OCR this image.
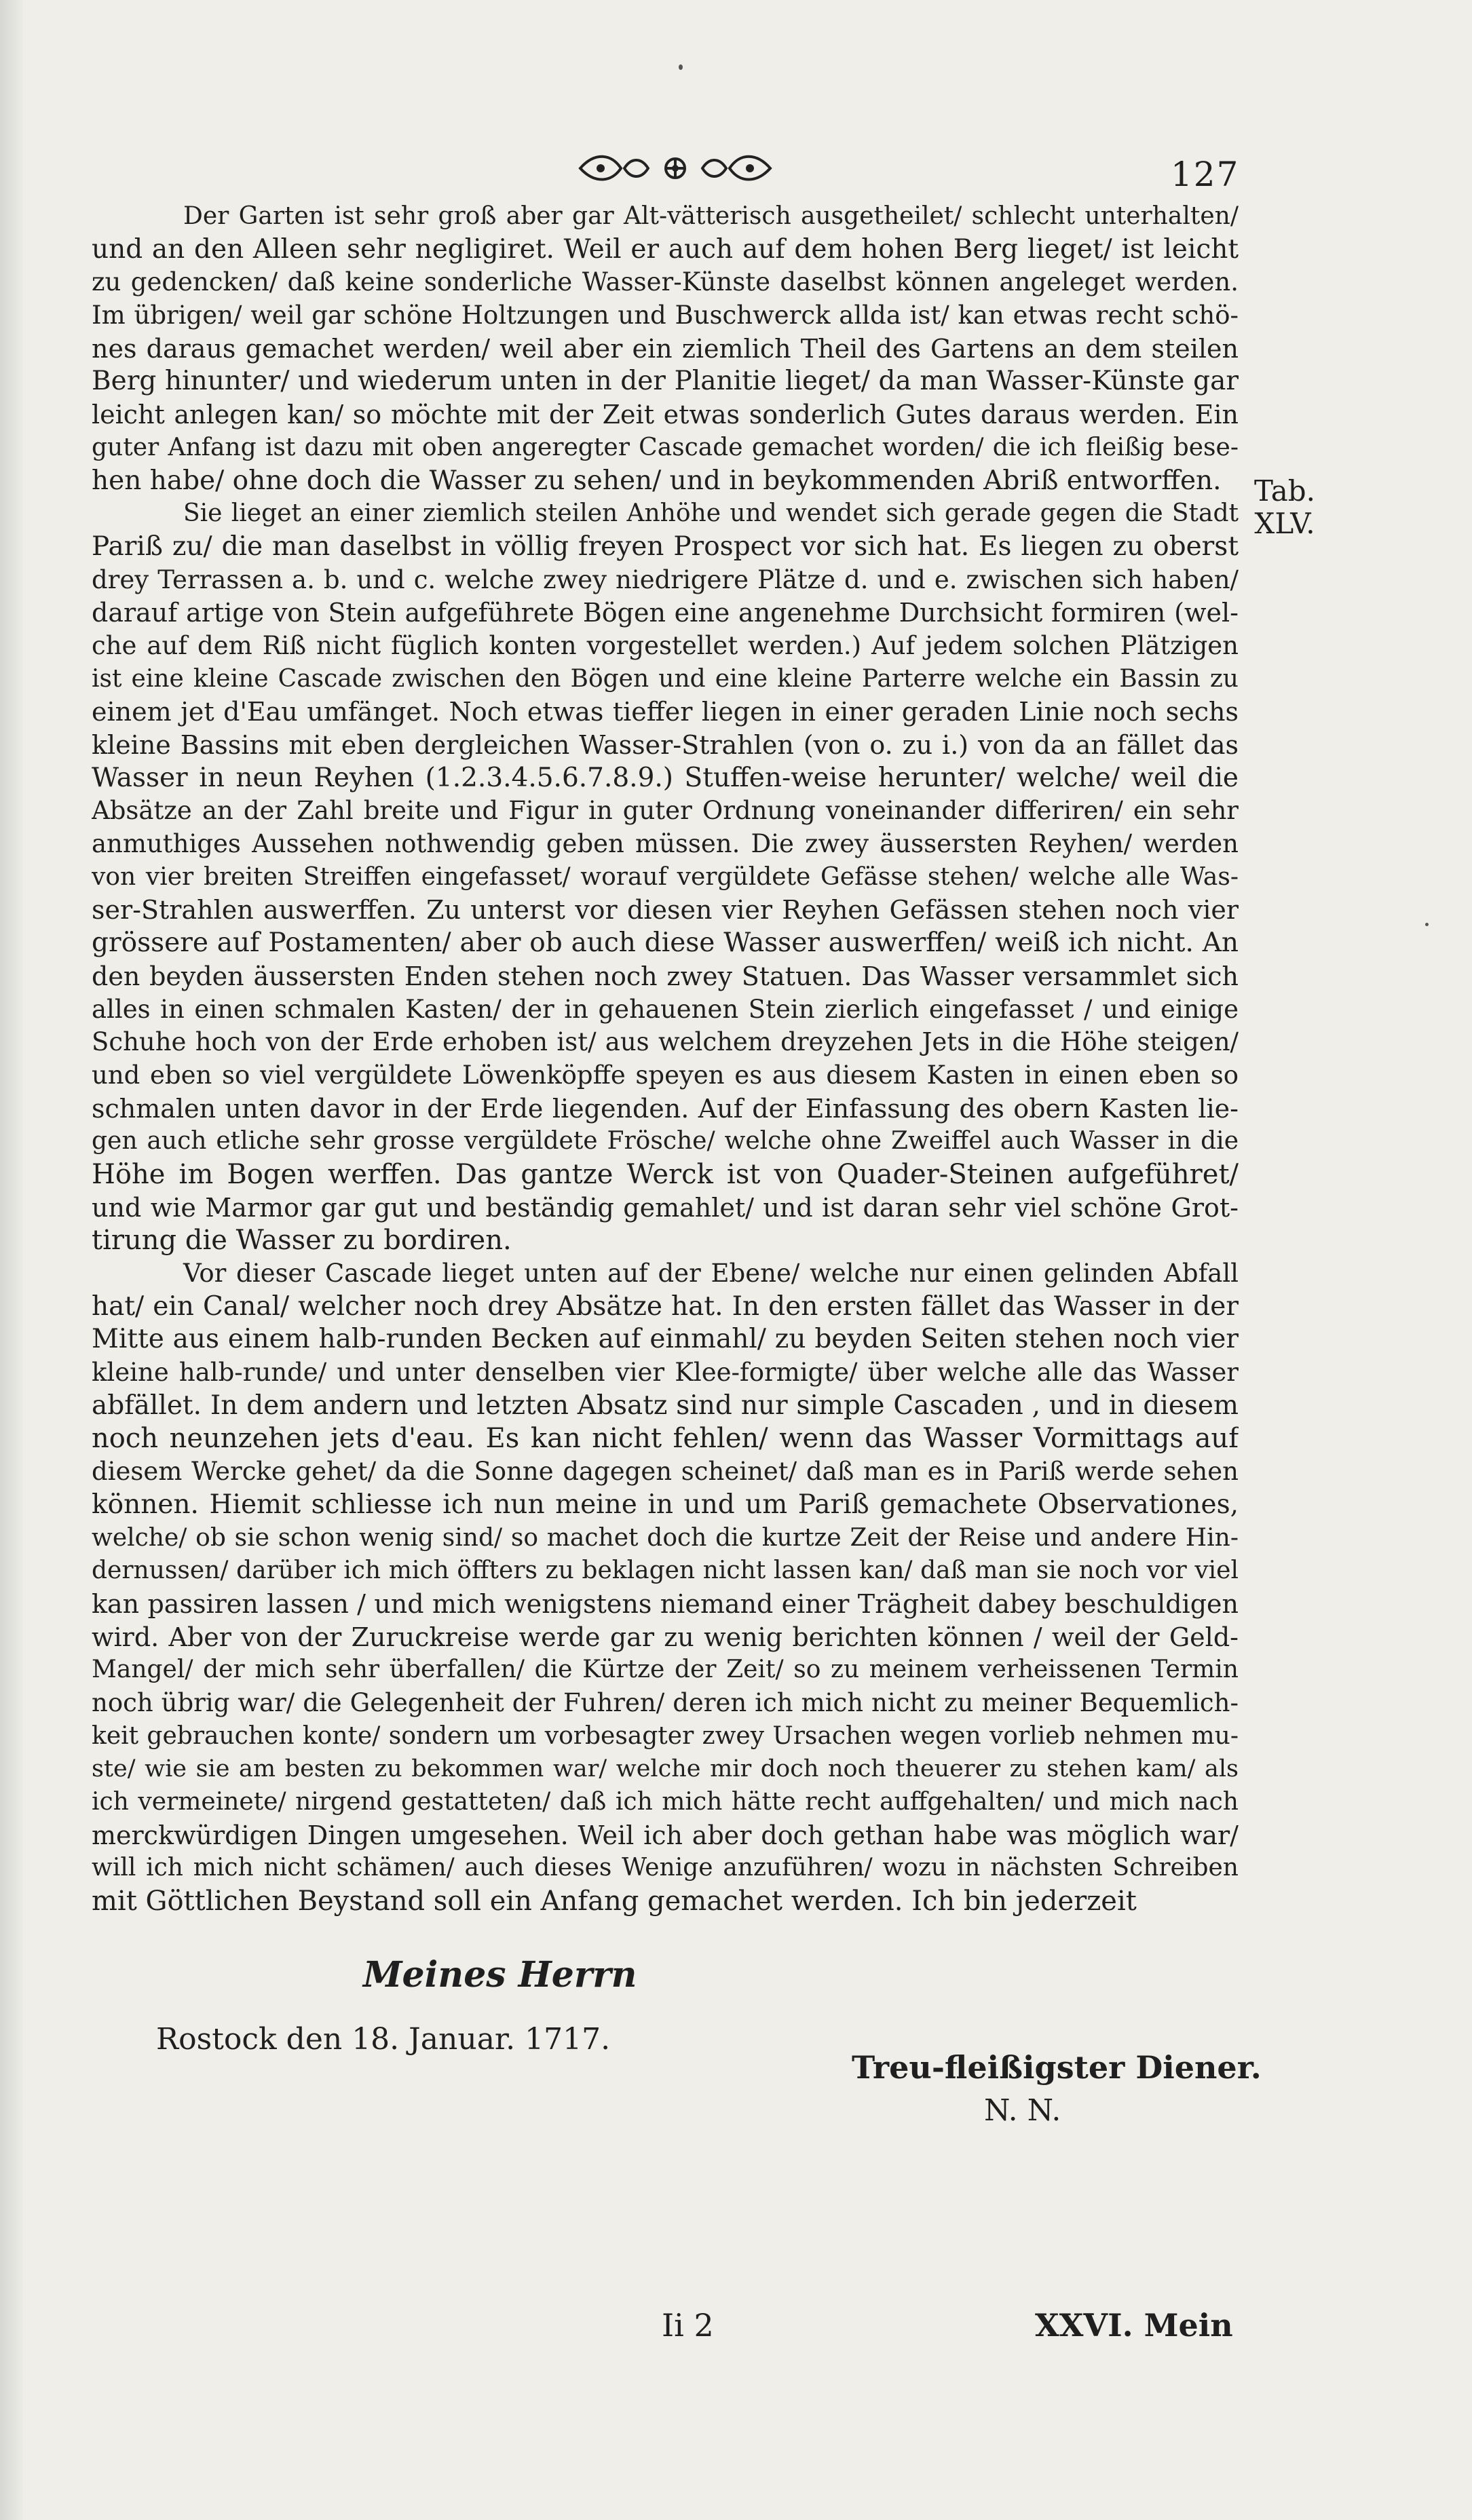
127
Tab.
XLV.
Der Garten ist sehr groß aber gar Alt-vätterisch ausgetheilet/ schlecht unterhalten/
und an den Alleen sehr negligiret. Weil er auch auf dem hohen Berg lieget/ ist leicht
zu gedencken/ daß keine sonderliche Wasser-Künste daselbst können angeleget werden.
Im übrigen/ weil gar schöne Holtzungen und Buschwerck allda ist/ kan etwas recht schö-
nes daraus gemachet werden/ weil aber ein ziemlich Theil des Gartens an dem steilen
Berg hinunter/ und wiederum unten in der Planitie lieget/ da man Wasser-Künste gar
leicht anlegen kan/ so möchte mit der Zeit etwas sonderlich Gutes daraus werden. Ein
guter Anfang ist dazu mit oben angeregter Cascade gemachet worden/ die ich fleißig bese-
hen habe/ ohne doch die Wasser zu sehen/ und in beykommenden Abriß entworffen.
Sie lieget an einer ziemlich steilen Anhöhe und wendet sich gerade gegen die Stadt
Pariß zu/ die man daselbst in völlig freyen Prospect vor sich hat. Es liegen zu oberst
drey Terrassen a. b. und c. welche zwey niedrigere Plätze d. und e. zwischen sich haben/
darauf artige von Stein aufgeführete Bögen eine angenehme Durchsicht formiren (wel-
che auf dem Riß nicht füglich konten vorgestellet werden.) Auf jedem solchen Plätzigen
ist eine kleine Cascade zwischen den Bögen und eine kleine Parterre welche ein Bassin zu
einem jet d'Eau umfänget. Noch etwas tieffer liegen in einer geraden Linie noch sechs
kleine Bassins mit eben dergleichen Wasser-Strahlen (von o. zu i.) von da an fället das
Wasser in neun Reyhen (1.2.3.4.5.6.7.8.9.) Stuffen-weise herunter/ welche/ weil die
Absätze an der Zahl breite und Figur in guter Ordnung voneinander differiren/ ein sehr
anmuthiges Aussehen nothwendig geben müssen. Die zwey äussersten Reyhen/ werden
von vier breiten Streiffen eingefasset/ worauf vergüldete Gefässe stehen/ welche alle Was-
ser-Strahlen auswerffen. Zu unterst vor diesen vier Reyhen Gefässen stehen noch vier
grössere auf Postamenten/ aber ob auch diese Wasser auswerffen/ weiß ich nicht. An
den beyden äussersten Enden stehen noch zwey Statuen. Das Wasser versammlet sich
alles in einen schmalen Kasten/ der in gehauenen Stein zierlich eingefasset / und einige
Schuhe hoch von der Erde erhoben ist/ aus welchem dreyzehen Jets in die Höhe steigen/
und eben so viel vergüldete Löwenköpffe speyen es aus diesem Kasten in einen eben so
schmalen unten davor in der Erde liegenden. Auf der Einfassung des obern Kasten lie-
gen auch etliche sehr grosse vergüldete Frösche/ welche ohne Zweiffel auch Wasser in die
Höhe im Bogen werffen. Das gantze Werck ist von Quader-Steinen aufgeführet/
und wie Marmor gar gut und beständig gemahlet/ und ist daran sehr viel schöne Grot-
tirung die Wasser zu bordiren.
Vor dieser Cascade lieget unten auf der Ebene/ welche nur einen gelinden Abfall
hat/ ein Canal/ welcher noch drey Absätze hat. In den ersten fället das Wasser in der
Mitte aus einem halb-runden Becken auf einmahl/ zu beyden Seiten stehen noch vier
kleine halb-runde/ und unter denselben vier Klee-formigte/ über welche alle das Wasser
abfället. In dem andern und letzten Absatz sind nur simple Cascaden , und in diesem
noch neunzehen jets d'eau. Es kan nicht fehlen/ wenn das Wasser Vormittags auf
diesem Wercke gehet/ da die Sonne dagegen scheinet/ daß man es in Pariß werde sehen
können. Hiemit schliesse ich nun meine in und um Pariß gemachete Observationes,
welche/ ob sie schon wenig sind/ so machet doch die kurtze Zeit der Reise und andere Hin-
dernussen/ darüber ich mich öffters zu beklagen nicht lassen kan/ daß man sie noch vor viel
kan passiren lassen / und mich wenigstens niemand einer Trägheit dabey beschuldigen
wird. Aber von der Zuruckreise werde gar zu wenig berichten können / weil der Geld-
Mangel/ der mich sehr überfallen/ die Kürtze der Zeit/ so zu meinem verheissenen Termin
noch übrig war/ die Gelegenheit der Fuhren/ deren ich mich nicht zu meiner Bequemlich-
keit gebrauchen konte/ sondern um vorbesagter zwey Ursachen wegen vorlieb nehmen mu-
ste/ wie sie am besten zu bekommen war/ welche mir doch noch theuerer zu stehen kam/ als
ich vermeinete/ nirgend gestatteten/ daß ich mich hätte recht auffgehalten/ und mich nach
merckwürdigen Dingen umgesehen. Weil ich aber doch gethan habe was möglich war/
will ich mich nicht schämen/ auch dieses Wenige anzuführen/ wozu in nächsten Schreiben
mit Göttlichen Beystand soll ein Anfang gemachet werden. Ich bin jederzeit
Meines Herrn
Rostock den 18. Januar. 1717.
Treu-fleißigster Diener.
N. N.
Ii 2	XXVI. Mein
